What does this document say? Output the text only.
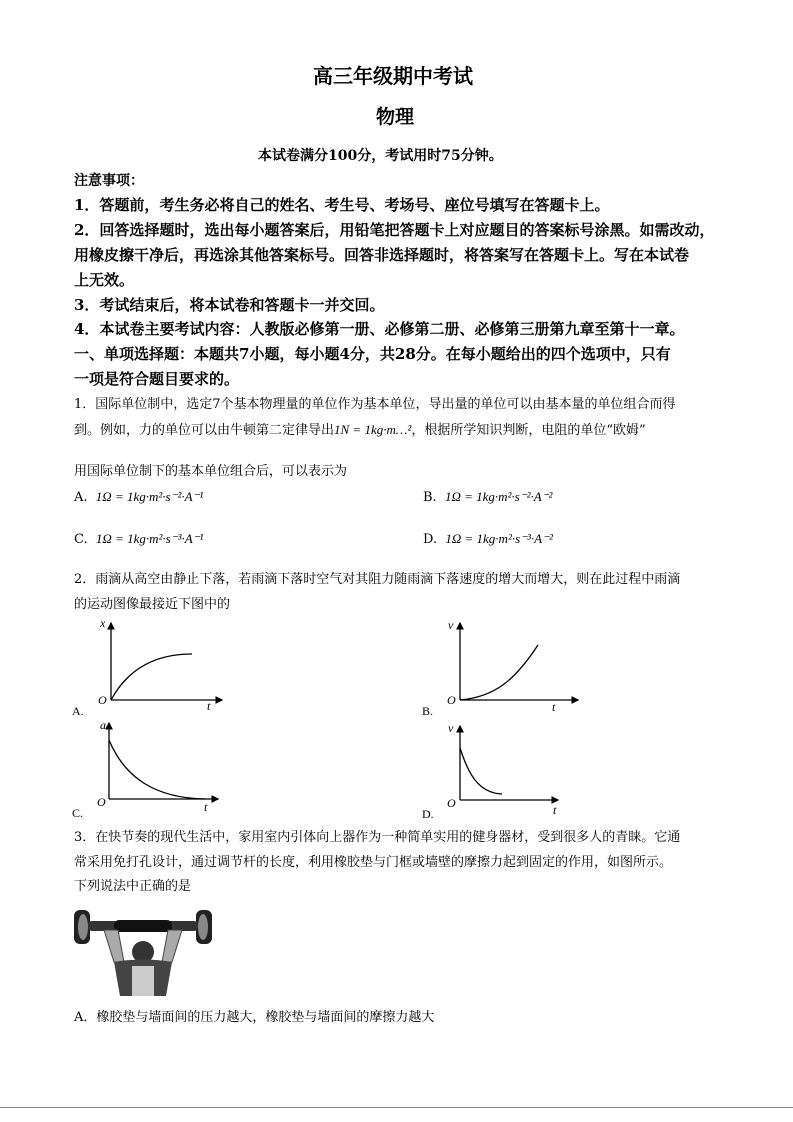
高三年级期中考试
物理
本试卷满分100分，考试用时75分钟。
注意事项：
1．答题前，考生务必将自己的姓名、考生号、考场号、座位号填写在答题卡上。
2．回答选择题时，选出每小题答案后，用铅笔把答题卡上对应题目的答案标号涂黑。如需改动，
用橡皮擦干净后，再选涂其他答案标号。回答非选择题时，将答案写在答题卡上。写在本试卷
上无效。
3．考试结束后，将本试卷和答题卡一并交回。
4．本试卷主要考试内容：人教版必修第一册、必修第二册、必修第三册第九章至第十一章。
一、单项选择题：本题共7小题，每小题4分，共28分。在每小题给出的四个选项中，只有
一项是符合题目要求的。
1．国际单位制中，选定7个基本物理量的单位作为基本单位，导出量的单位可以由基本量的单位组合而得
到。例如，力的单位可以由牛顿第二定律导出1N = 1kg·m…²，根据所学知识判断，电阻的单位“欧姆”
用国际单位制下的基本单位组合后，可以表示为
A. 1Ω = 1kg·m²·s⁻²·A⁻¹	B. 1Ω = 1kg·m²·s⁻²·A⁻²
C. 1Ω = 1kg·m²·s⁻³·A⁻¹	D. 1Ω = 1kg·m²·s⁻³·A⁻²
2．雨滴从高空由静止下落，若雨滴下落时空气对其阻力随雨滴下落速度的增大而增大，则在此过程中雨滴
的运动图像最接近下图中的
x
O	t
A.
v
O	t
B.
a
O	t
C.
v
O	t
D.
3．在快节奏的现代生活中，家用室内引体向上器作为一种简单实用的健身器材，受到很多人的青睐。它通
常采用免打孔设计，通过调节杆的长度，利用橡胶垫与门框或墙壁的摩擦力起到固定的作用，如图所示。
下列说法中正确的是
A．橡胶垫与墙面间的压力越大，橡胶垫与墙面间的摩擦力越大
